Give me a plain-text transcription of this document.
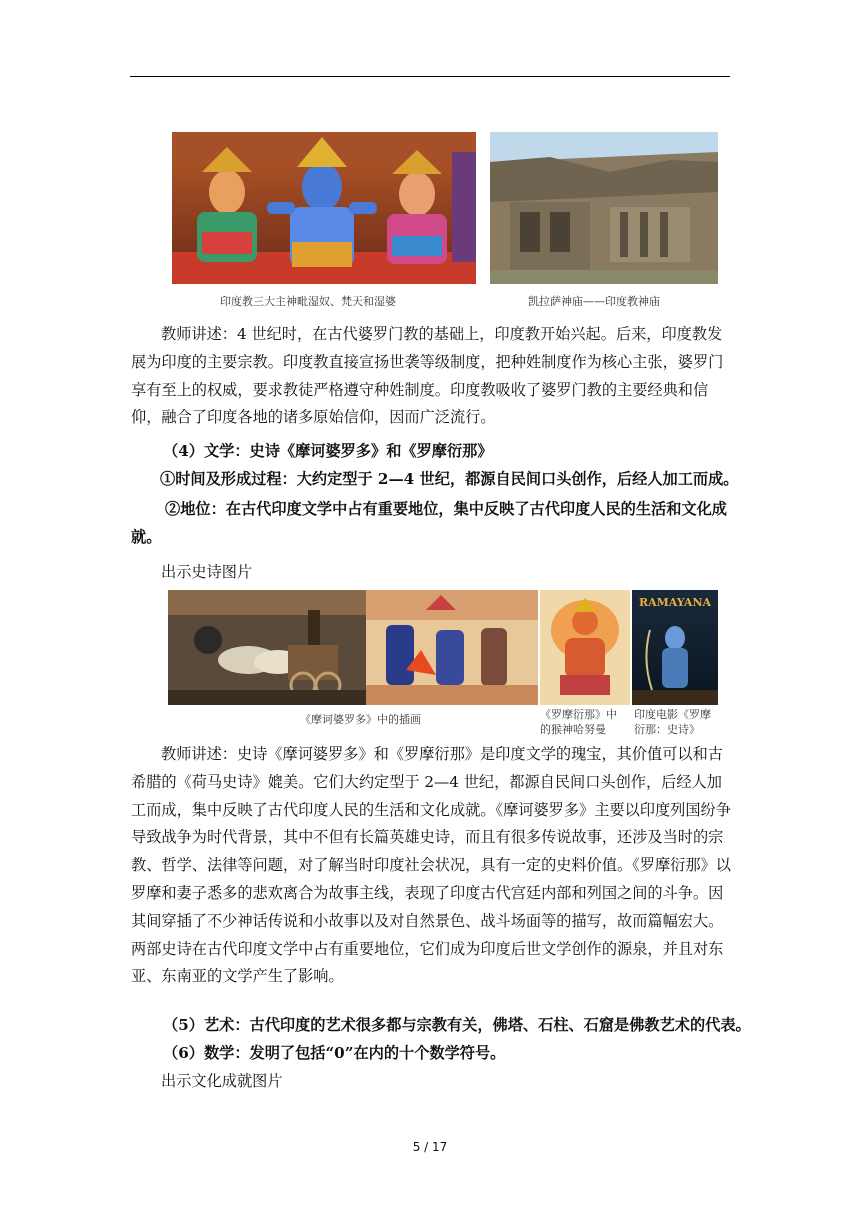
印度教三大主神毗湿奴、梵天和湿婆	凯拉萨神庙——印度教神庙

教师讲述：4 世纪时，在古代婆罗门教的基础上，印度教开始兴起。后来，印度教发展为印度的主要宗教。印度教直接宣扬世袭等级制度，把种姓制度作为核心主张，婆罗门享有至上的权威，要求教徒严格遵守种姓制度。印度教吸收了婆罗门教的主要经典和信仰，融合了印度各地的诸多原始信仰，因而广泛流行。

（4）文学：史诗《摩诃婆罗多》和《罗摩衍那》
①时间及形成过程：大约定型于 2—4 世纪，都源自民间口头创作，后经人加工而成。

②地位：在古代印度文学中占有重要地位，集中反映了古代印度人民的生活和文化成就。

出示史诗图片
RAMAYANA
《摩诃婆罗多》中的插画	《罗摩衍那》中的猴神哈努曼
印度电影《罗摩衍那：史诗》

教师讲述：史诗《摩诃婆罗多》和《罗摩衍那》是印度文学的瑰宝，其价值可以和古希腊的《荷马史诗》媲美。它们大约定型于 2—4 世纪，都源自民间口头创作，后经人加工而成，集中反映了古代印度人民的生活和文化成就。《摩诃婆罗多》主要以印度列国纷争导致战争为时代背景，其中不但有长篇英雄史诗，而且有很多传说故事，还涉及当时的宗教、哲学、法律等问题，对了解当时印度社会状况，具有一定的史料价值。《罗摩衍那》以罗摩和妻子悉多的悲欢离合为故事主线，表现了印度古代宫廷内部和列国之间的斗争。因其间穿插了不少神话传说和小故事以及对自然景色、战斗场面等的描写，故而篇幅宏大。两部史诗在古代印度文学中占有重要地位，它们成为印度后世文学创作的源泉，并且对东亚、东南亚的文学产生了影响。

（5）艺术：古代印度的艺术很多都与宗教有关，佛塔、石柱、石窟是佛教艺术的代表。
（6）数学：发明了包括“0”在内的十个数学符号。
出示文化成就图片
5 / 17
